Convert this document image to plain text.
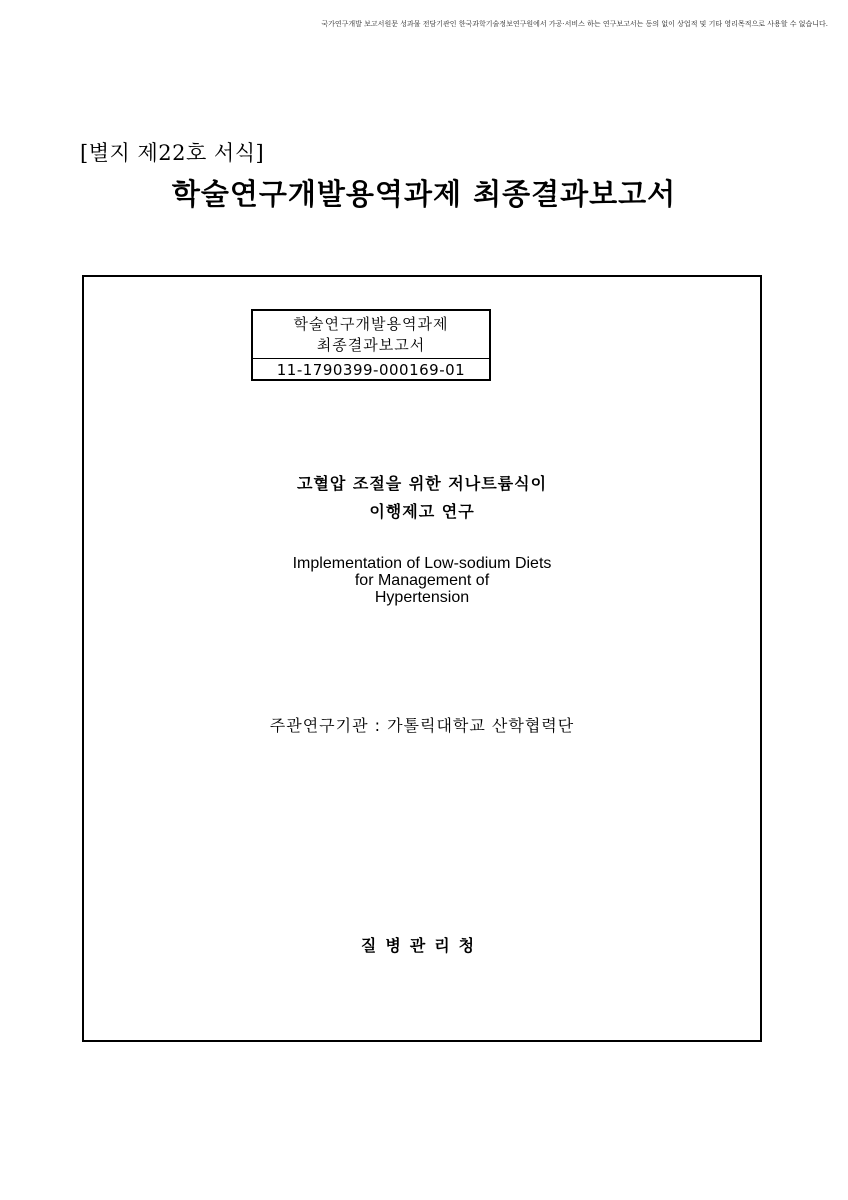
국가연구개발 보고서원문 성과물 전담기관인 한국과학기술정보연구원에서 가공·서비스 하는 연구보고서는 동의 없이 상업적 및 기타 영리목적으로 사용할 수 없습니다.
[별지 제22호 서식]
학술연구개발용역과제 최종결과보고서
학술연구개발용역과제
최종결과보고서
11-1790399-000169-01
고혈압 조절을 위한 저나트륨식이
이행제고 연구
Implementation of Low-sodium Diets
for Management of
Hypertension
주관연구기관 : 가톨릭대학교 산학협력단
질병관리청
